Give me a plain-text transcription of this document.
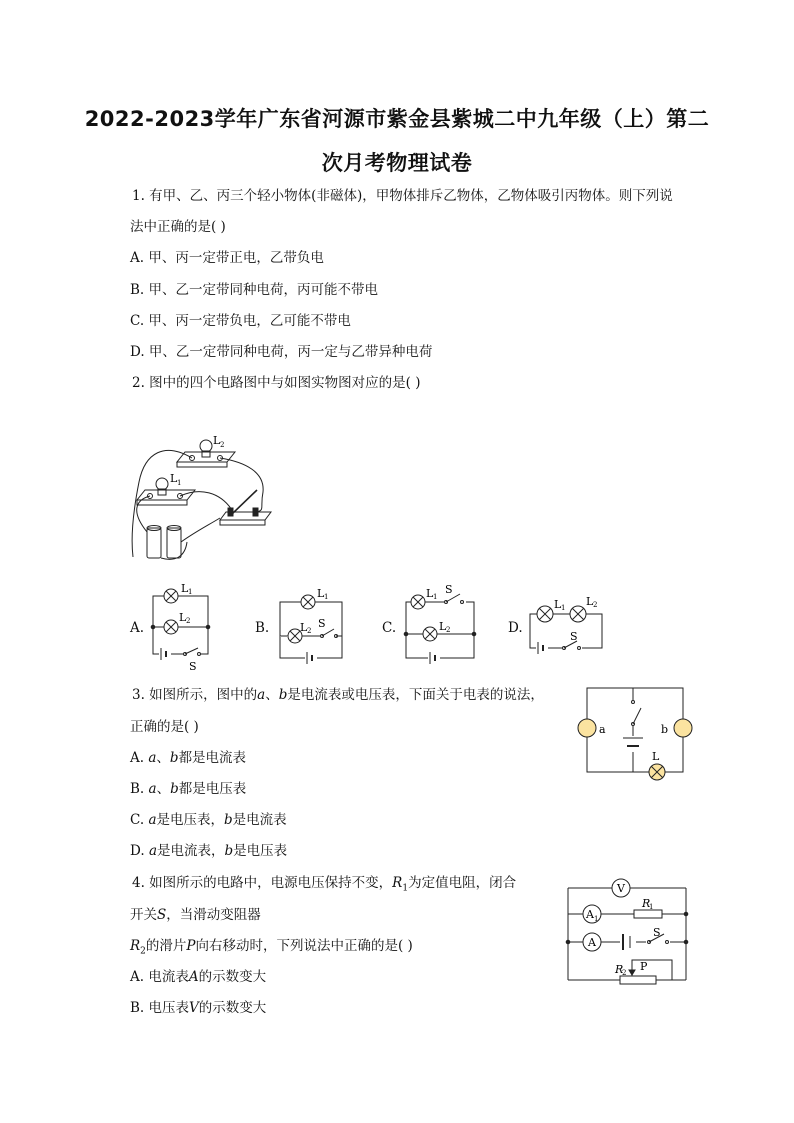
2022-2023学年广东省河源市紫金县紫城二中九年级（上）第二
次月考物理试卷
1. 有甲、乙、丙三个轻小物体(非磁体)，甲物体排斥乙物体，乙物体吸引丙物体。则下列说
法中正确的是( )
A. 甲、丙一定带正电，乙带负电
B. 甲、乙一定带同种电荷，丙可能不带电
C. 甲、丙一定带负电，乙可能不带电
D. 甲、乙一定带同种电荷，丙一定与乙带异种电荷
2. 图中的四个电路图中与如图实物图对应的是( )
L 2
L 1
A.
L 1
L 2
S
B.
L 1
L 2
S	C.
L 1
S
L 2	D.
L 1 L 2
S
3. 如图所示，图中的a、b是电流表或电压表，下面关于电表的说法，
正确的是( )
A. a、b都是电流表
B. a、b都是电压表
C. a是电压表，b是电流表
D. a是电流表，b是电压表
a	b
L
4. 如图所示的电路中，电源电压保持不变，$R_1$为定值电阻，闭合
开关S，当滑动变阻器
$R_2$的滑片P向右移动时，下列说法中正确的是( )
A. 电流表A的示数变大
B. 电压表V的示数变大
V
A 1
R
1
A
S
R
2 P
